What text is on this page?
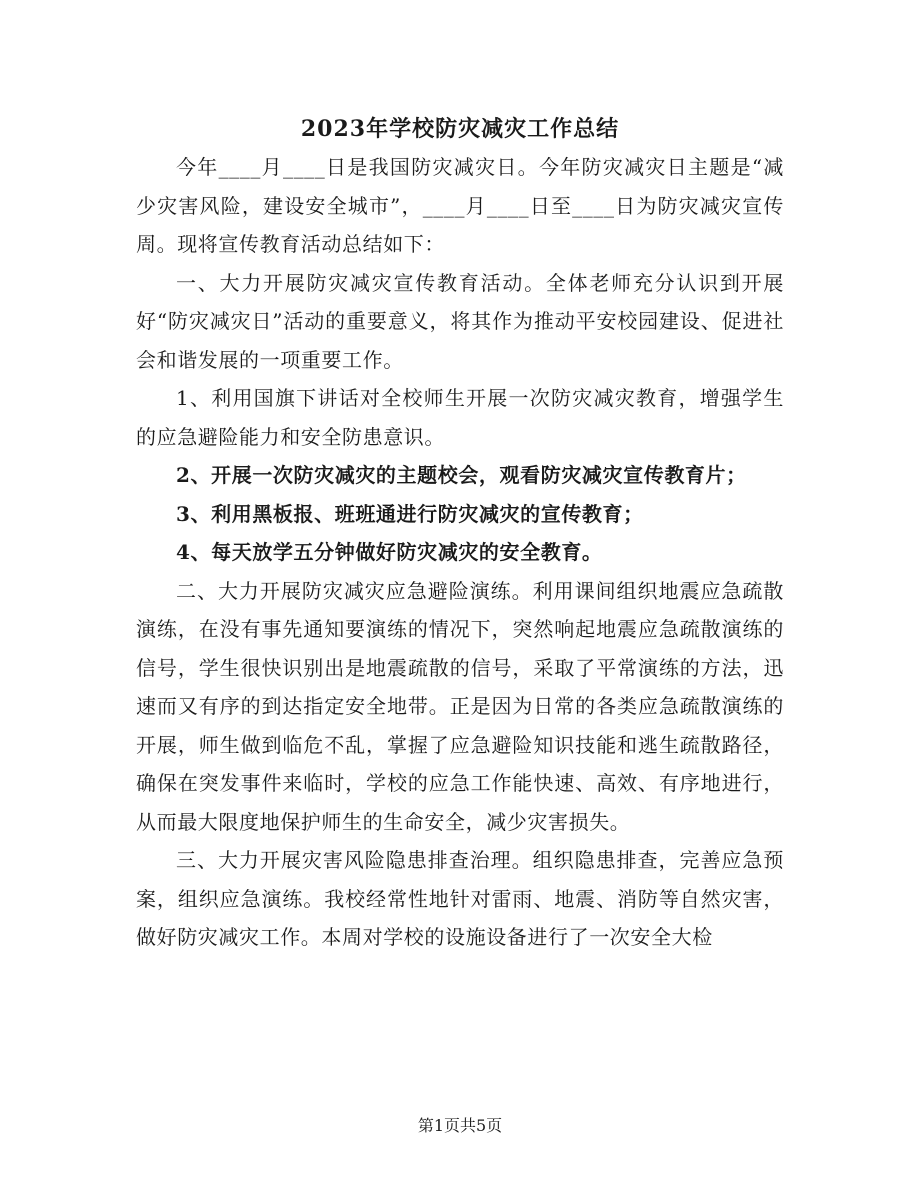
2023年学校防灾减灾工作总结

今年____月____日是我国防灾减灾日。今年防灾减灾日主题是“减少灾害风险，建设安全城市”，____月____日至____日为防灾减灾宣传周。现将宣传教育活动总结如下：

一、大力开展防灾减灾宣传教育活动。全体老师充分认识到开展好“防灾减灾日”活动的重要意义，将其作为推动平安校园建设、促进社会和谐发展的一项重要工作。

1、利用国旗下讲话对全校师生开展一次防灾减灾教育，增强学生的应急避险能力和安全防患意识。

2、开展一次防灾减灾的主题校会，观看防灾减灾宣传教育片；

3、利用黑板报、班班通进行防灾减灾的宣传教育；

4、每天放学五分钟做好防灾减灾的安全教育。

二、大力开展防灾减灾应急避险演练。利用课间组织地震应急疏散演练，在没有事先通知要演练的情况下，突然响起地震应急疏散演练的信号，学生很快识别出是地震疏散的信号，采取了平常演练的方法，迅速而又有序的到达指定安全地带。正是因为日常的各类应急疏散演练的开展，师生做到临危不乱，掌握了应急避险知识技能和逃生疏散路径，确保在突发事件来临时，学校的应急工作能快速、高效、有序地进行，从而最大限度地保护师生的生命安全，减少灾害损失。

三、大力开展灾害风险隐患排查治理。组织隐患排查，完善应急预案，组织应急演练。我校经常性地针对雷雨、地震、消防等自然灾害，做好防灾减灾工作。本周对学校的设施设备进行了一次安全大检

第1页共5页
